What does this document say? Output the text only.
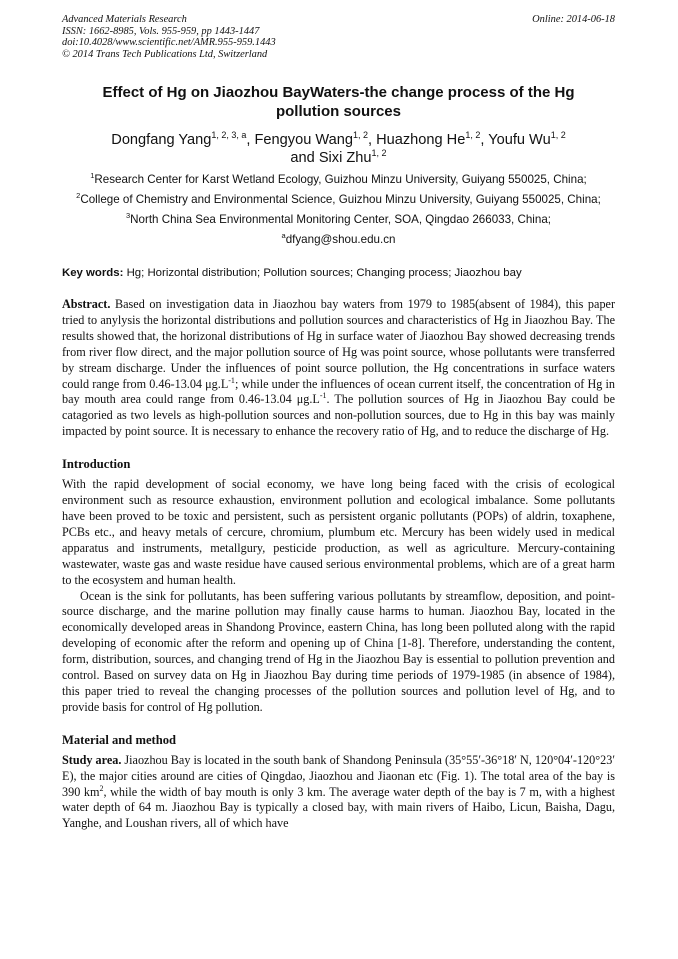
Advanced Materials Research
ISSN: 1662-8985, Vols. 955-959, pp 1443-1447
doi:10.4028/www.scientific.net/AMR.955-959.1443
© 2014 Trans Tech Publications Ltd, Switzerland
Online: 2014-06-18
Effect of Hg on Jiaozhou BayWaters-the change process of the Hg pollution sources
Dongfang Yang$^{1, 2, 3, a}$, Fengyou Wang$^{1, 2}$, Huazhong He$^{1, 2}$, Youfu Wu$^{1, 2}$
and Sixi Zhu$^{1, 2}$
$^1$Research Center for Karst Wetland Ecology, Guizhou Minzu University, Guiyang 550025, China;
$^2$College of Chemistry and Environmental Science, Guizhou Minzu University, Guiyang 550025, China;
$^3$North China Sea Environmental Monitoring Center, SOA, Qingdao 266033, China;
$^a$dfyang@shou.edu.cn
Key words: Hg; Horizontal distribution; Pollution sources; Changing process; Jiaozhou bay
Abstract. Based on investigation data in Jiaozhou bay waters from 1979 to 1985(absent of 1984), this paper tried to anylysis the horizontal distributions and pollution sources and characteristics of Hg in Jiaozhou Bay. The results showed that, the horizonal distributions of Hg in surface water of Jiaozhou Bay showed decreasing trends from river flow direct, and the major pollution source of Hg was point source, whose pollutants were transferred by stream discharge. Under the influences of point source pollution, the Hg concentrations in surface waters could range from 0.46-13.04 $\mu g.L^{-1}$; while under the influences of ocean current itself, the concentration of Hg in bay mouth area could range from 0.46-13.04 $\mu g.L^{-1}$. The pollution sources of Hg in Jiaozhou Bay could be catagoried as two levels as high-pollution sources and non-pollution sources, due to Hg in this bay was mainly impacted by point source. It is necessary to enhance the recovery ratio of Hg, and to reduce the discharge of Hg.
Introduction
With the rapid development of social economy, we have long being faced with the crisis of ecological environment such as resource exhaustion, environment pollution and ecological imbalance. Some pollutants have been proved to be toxic and persistent, such as persistent organic pollutants (POPs) of aldrin, toxaphene, PCBs etc., and heavy metals of cercure, chromium, plumbum etc. Mercury has been widely used in medical apparatus and instruments, metallgury, pesticide production, as well as agriculture. Mercury-containing wastewater, waste gas and waste residue have caused serious environmental problems, which are of a great harm to the ecosystem and human health.
Ocean is the sink for pollutants, has been suffering various pollutants by streamflow, deposition, and point-source discharge, and the marine pollution may finally cause harms to human. Jiaozhou Bay, located in the economically developed areas in Shandong Province, eastern China, has long been polluted along with the rapid developing of economic after the reform and opening up of China [1-8]. Therefore, understanding the content, form, distribution, sources, and changing trend of Hg in the Jiaozhou Bay is essential to pollution prevention and control. Based on survey data on Hg in Jiaozhou Bay during time periods of 1979-1985 (in absence of 1984), this paper tried to reveal the changing processes of the pollution sources and pollution level of Hg, and to provide basis for control of Hg pollution.
Material and method
Study area. Jiaozhou Bay is located in the south bank of Shandong Peninsula (35°55′-36°18′ N, 120°04′-120°23′ E), the major cities around are cities of Qingdao, Jiaozhou and Jiaonan etc (Fig. 1). The total area of the bay is 390 $km^2$, while the width of bay mouth is only 3 km. The average water depth of the bay is 7 m, with a highest water depth of 64 m. Jiaozhou Bay is typically a closed bay, with main rivers of Haibo, Licun, Baisha, Dagu, Yanghe, and Loushan rivers, all of which have
